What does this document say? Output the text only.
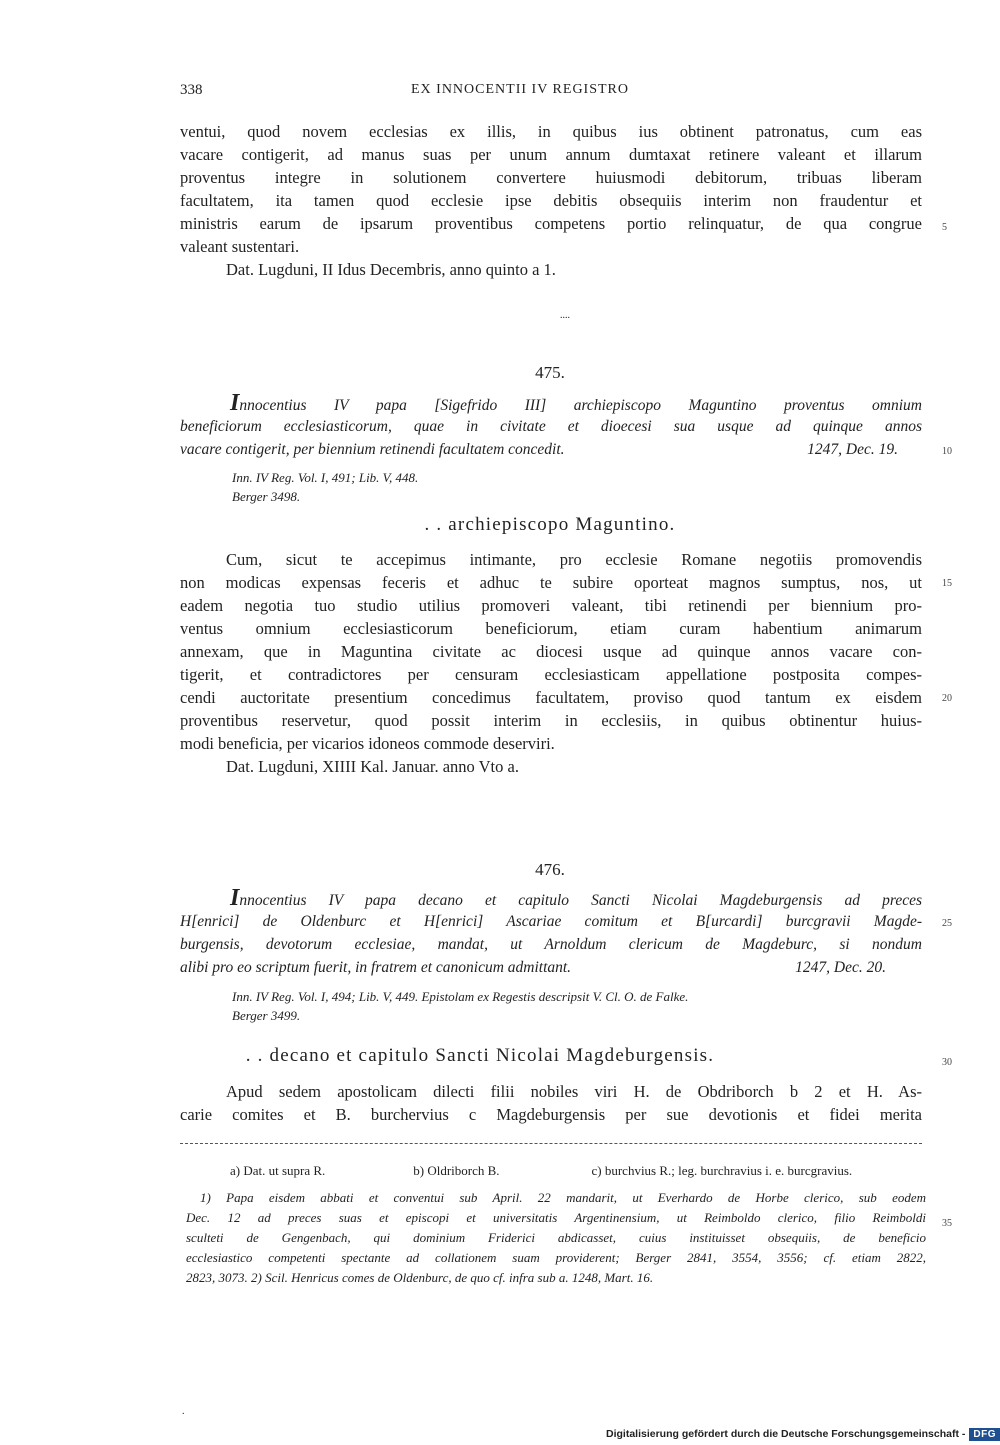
338	EX INNOCENTII IV REGISTRO
ventui, quod novem ecclesias ex illis, in quibus ius obtinent patronatus, cum eas
vacare contigerit, ad manus suas per unum annum dumtaxat retinere valeant et illarum
proventus integre in solutionem convertere huiusmodi debitorum, tribuas liberam
facultatem, ita tamen quod ecclesie ipse debitis obsequiis interim non fraudentur et
ministris earum de ipsarum proventibus competens portio relinquatur, de qua congrue
valeant sustentari.
Dat. Lugduni, II Idus Decembris, anno quinto a 1.
....
475.
Innocentius IV papa [Sigefrido III] archiepiscopo Maguntino proventus omnium
beneficiorum ecclesiasticorum, quae in civitate et dioecesi sua usque ad quinque annos
vacare contigerit, per biennium retinendi facultatem concedit.	1247, Dec. 19.
Inn. IV Reg. Vol. I, 491; Lib. V, 448.
Berger 3498.
. . archiepiscopo Maguntino.
Cum, sicut te accepimus intimante, pro ecclesie Romane negotiis promovendis
non modicas expensas feceris et adhuc te subire oporteat magnos sumptus, nos, ut
eadem negotia tuo studio utilius promoveri valeant, tibi retinendi per biennium pro-
ventus omnium ecclesiasticorum beneficiorum, etiam curam habentium animarum
annexam, que in Maguntina civitate ac diocesi usque ad quinque annos vacare con-
tigerit, et contradictores per censuram ecclesiasticam appellatione postposita compes-
cendi auctoritate presentium concedimus facultatem, proviso quod tantum ex eisdem
proventibus reservetur, quod possit interim in ecclesiis, in quibus obtinentur huius-
modi beneficia, per vicarios idoneos commode deserviri.
Dat. Lugduni, XIIII Kal. Januar. anno Vto a.
476.
Innocentius IV papa decano et capitulo Sancti Nicolai Magdeburgensis ad preces
H[enrici] de Oldenburc et H[enrici] Ascariae comitum et B[urcardi] burcgravii Magde-
burgensis, devotorum ecclesiae, mandat, ut Arnoldum clericum de Magdeburc, si nondum
alibi pro eo scriptum fuerit, in fratrem et canonicum admittant.	1247, Dec. 20.
Inn. IV Reg. Vol. I, 494; Lib. V, 449. Epistolam ex Regestis descripsit V. Cl. O. de Falke.
Berger 3499.
. . decano et capitulo Sancti Nicolai Magdeburgensis.
Apud sedem apostolicam dilecti filii nobiles viri H. de Obdriborch b 2 et H. As-
carie comites et B. burchervius c Magdeburgensis per sue devotionis et fidei merita
5
10
15
20
25
30
35
a) Dat. ut supra R.	b) Oldriborch B.	c) burchvius R.; leg. burchravius i. e. burcgravius.
1) Papa eisdem abbati et conventui sub April. 22 mandarit, ut Everhardo de Horbe clerico, sub eodem
Dec. 12 ad preces suas et episcopi et universitatis Argentinensium, ut Reimboldo clerico, filio Reimboldi
sculteti de Gengenbach, qui dominium Friderici abdicasset, cuius instituisset obsequiis, de beneficio
ecclesiastico competenti spectante ad collationem suam providerent; Berger 2841, 3554, 3556; cf. etiam 2822,
2823, 3073. 2) Scil. Henricus comes de Oldenburc, de quo cf. infra sub a. 1248, Mart. 16.
.
Digitalisierung gefördert durch die Deutsche Forschungsgemeinschaft - DFG
